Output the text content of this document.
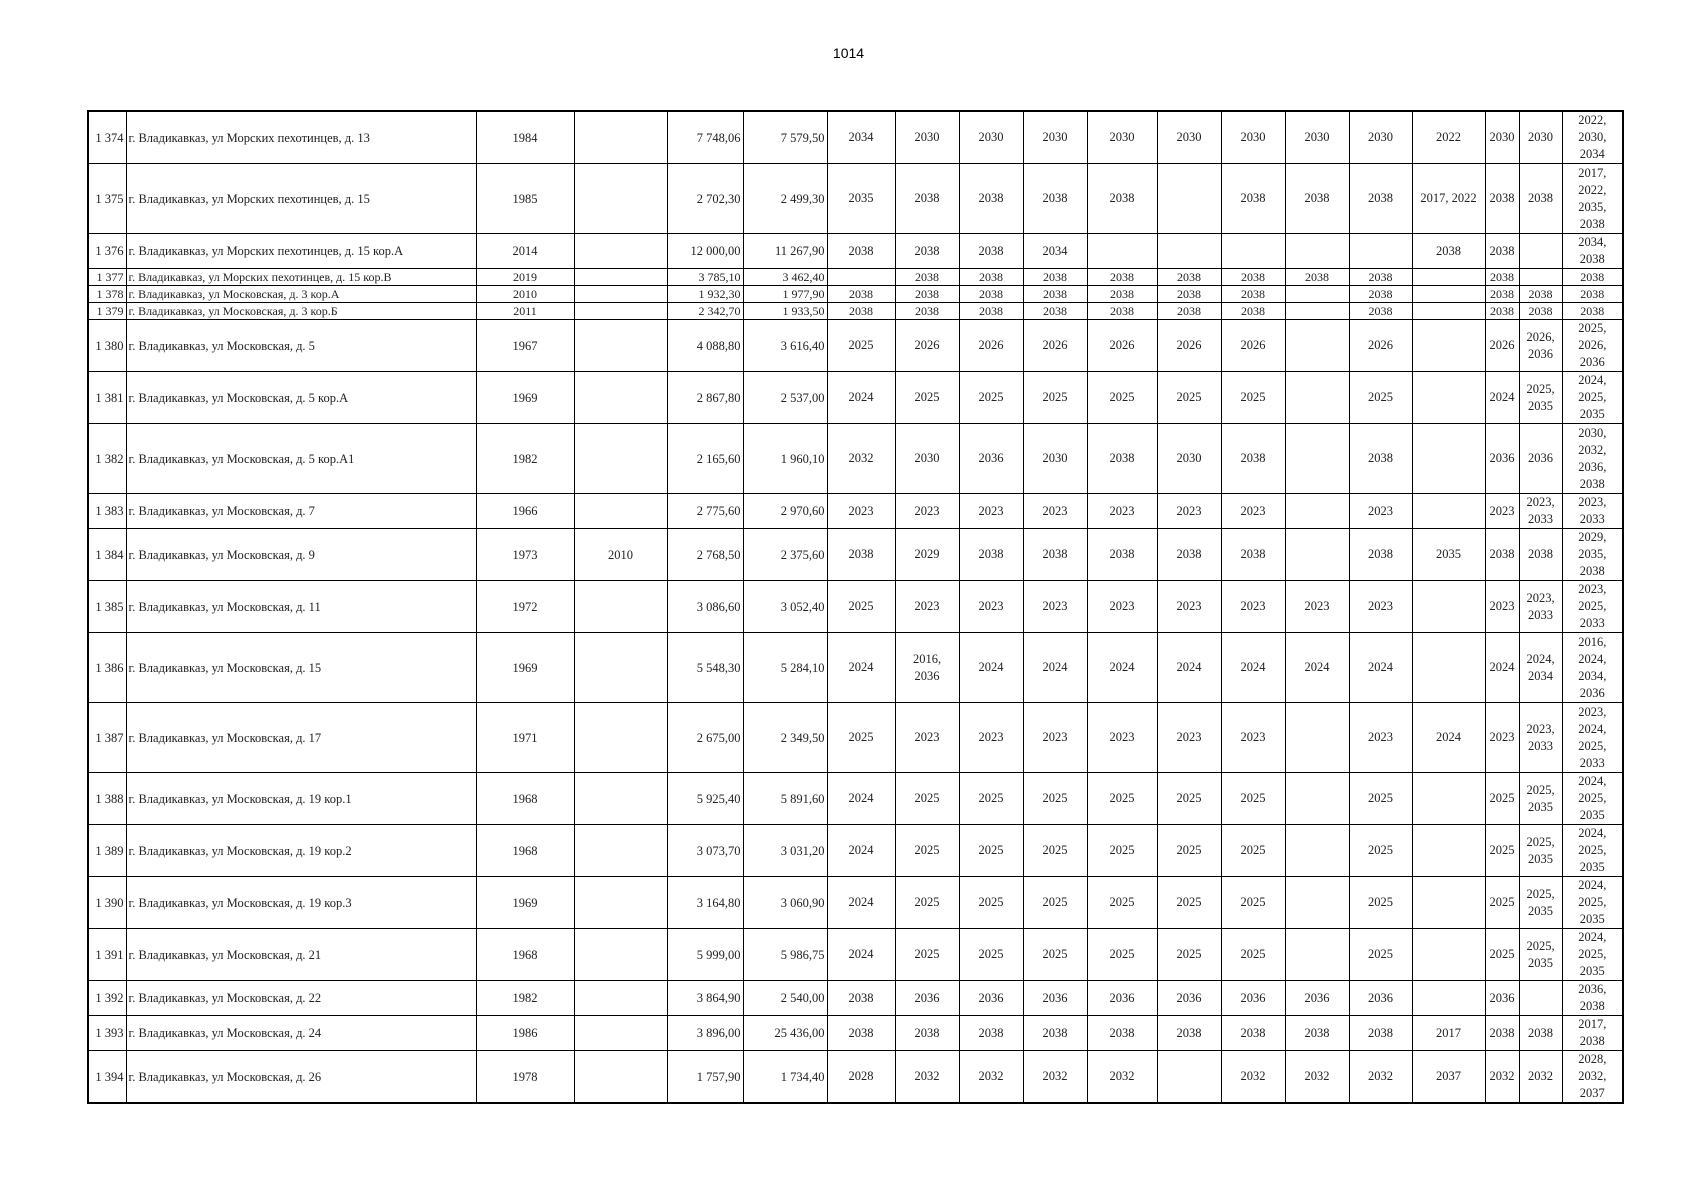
1014
1 374	г. Владикавказ, ул Морских пехотинцев, д. 13	1984		7 748,06	7 579,50	2034	2030	2030	2030	2030	2030	2030	2030	2030	2022	2030	2030	2022,
2030,
2034
1 375	г. Владикавказ, ул Морских пехотинцев, д. 15	1985		2 702,30	2 499,30	2035	2038	2038	2038	2038		2038	2038	2038	2017, 2022	2038	2038	2017,
2022,
2035,
2038
1 376	г. Владикавказ, ул Морских пехотинцев, д. 15 кор.А	2014		12 000,00	11 267,90	2038	2038	2038	2034						2038	2038		2034,
2038
1 377	г. Владикавказ, ул Морских пехотинцев, д. 15 кор.В	2019		3 785,10	3 462,40		2038	2038	2038	2038	2038	2038	2038	2038		2038		2038
1 378	г. Владикавказ, ул Московская, д. 3 кор.А	2010		1 932,30	1 977,90	2038	2038	2038	2038	2038	2038	2038		2038		2038	2038	2038
1 379	г. Владикавказ, ул Московская, д. 3 кор.Б	2011		2 342,70	1 933,50	2038	2038	2038	2038	2038	2038	2038		2038		2038	2038	2038
1 380	г. Владикавказ, ул Московская, д. 5	1967		4 088,80	3 616,40	2025	2026	2026	2026	2026	2026	2026		2026		2026	2026,
2036	2025,
2026,
2036
1 381	г. Владикавказ, ул Московская, д. 5 кор.А	1969		2 867,80	2 537,00	2024	2025	2025	2025	2025	2025	2025		2025		2024	2025,
2035	2024,
2025,
2035
1 382	г. Владикавказ, ул Московская, д. 5 кор.А1	1982		2 165,60	1 960,10	2032	2030	2036	2030	2038	2030	2038		2038		2036	2036	2030,
2032,
2036,
2038
1 383	г. Владикавказ, ул Московская, д. 7	1966		2 775,60	2 970,60	2023	2023	2023	2023	2023	2023	2023		2023		2023	2023,
2033	2023,
2033
1 384	г. Владикавказ, ул Московская, д. 9	1973	2010	2 768,50	2 375,60	2038	2029	2038	2038	2038	2038	2038		2038	2035	2038	2038	2029,
2035,
2038
1 385	г. Владикавказ, ул Московская, д. 11	1972		3 086,60	3 052,40	2025	2023	2023	2023	2023	2023	2023	2023	2023		2023	2023,
2033	2023,
2025,
2033
1 386	г. Владикавказ, ул Московская, д. 15	1969		5 548,30	5 284,10	2024	2016,
2036	2024	2024	2024	2024	2024	2024	2024		2024	2024,
2034	2016,
2024,
2034,
2036
1 387	г. Владикавказ, ул Московская, д. 17	1971		2 675,00	2 349,50	2025	2023	2023	2023	2023	2023	2023		2023	2024	2023	2023,
2033	2023,
2024,
2025,
2033
1 388	г. Владикавказ, ул Московская, д. 19 кор.1	1968		5 925,40	5 891,60	2024	2025	2025	2025	2025	2025	2025		2025		2025	2025,
2035	2024,
2025,
2035
1 389	г. Владикавказ, ул Московская, д. 19 кор.2	1968		3 073,70	3 031,20	2024	2025	2025	2025	2025	2025	2025		2025		2025	2025,
2035	2024,
2025,
2035
1 390	г. Владикавказ, ул Московская, д. 19 кор.3	1969		3 164,80	3 060,90	2024	2025	2025	2025	2025	2025	2025		2025		2025	2025,
2035	2024,
2025,
2035
1 391	г. Владикавказ, ул Московская, д. 21	1968		5 999,00	5 986,75	2024	2025	2025	2025	2025	2025	2025		2025		2025	2025,
2035	2024,
2025,
2035
1 392	г. Владикавказ, ул Московская, д. 22	1982		3 864,90	2 540,00	2038	2036	2036	2036	2036	2036	2036	2036	2036		2036		2036,
2038
1 393	г. Владикавказ, ул Московская, д. 24	1986		3 896,00	25 436,00	2038	2038	2038	2038	2038	2038	2038	2038	2038	2017	2038	2038	2017,
2038
1 394	г. Владикавказ, ул Московская, д. 26	1978		1 757,90	1 734,40	2028	2032	2032	2032	2032		2032	2032	2032	2037	2032	2032	2028,
2032,
2037
